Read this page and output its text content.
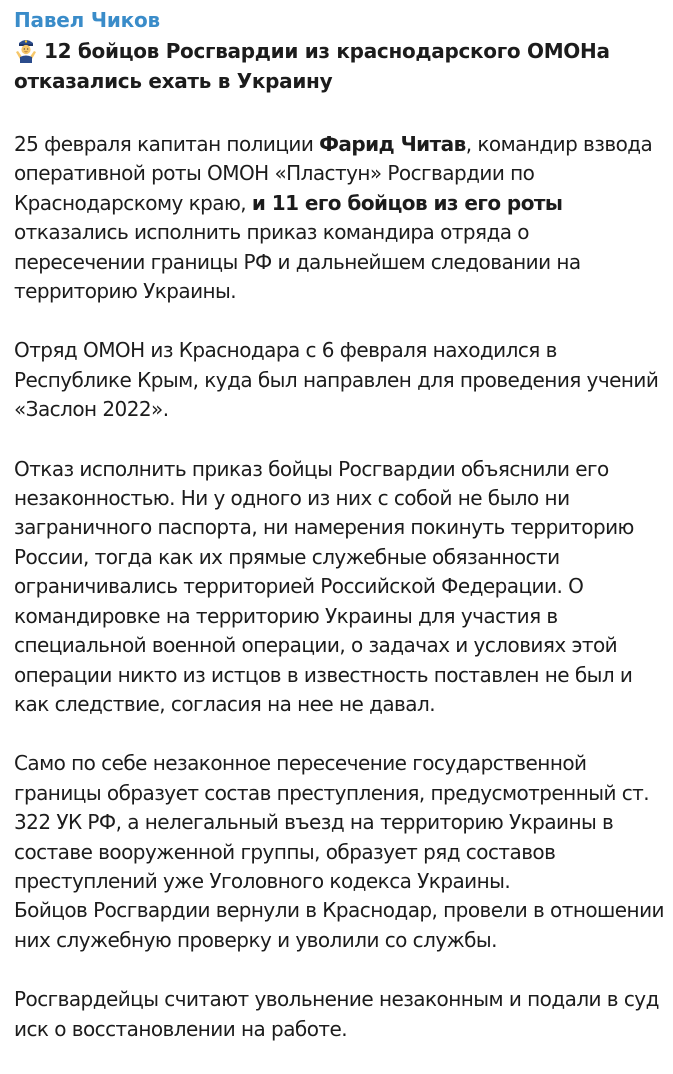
Павел Чиков
12 бойцов Росгвардии из краснодарского ОМОНа отказались ехать в Украину

25 февраля капитан полиции Фарид Читав, командир взвода оперативной роты ОМОН «Пластун» Росгвардии по Краснодарскому краю, и 11 его бойцов из его роты отказались исполнить приказ командира отряда о пересечении границы РФ и дальнейшем следовании на территорию Украины.

Отряд ОМОН из Краснодара с 6 февраля находился в Республике Крым, куда был направлен для проведения учений «Заслон 2022».

Отказ исполнить приказ бойцы Росгвардии объяснили его незаконностью. Ни у одного из них с собой не было ни заграничного паспорта, ни намерения покинуть территорию России, тогда как их прямые служебные обязанности ограничивались территорией Российской Федерации. О командировке на территорию Украины для участия в специальной военной операции, о задачах и условиях этой операции никто из истцов в известность поставлен не был и как следствие, согласия на нее не давал.

Само по себе незаконное пересечение государственной границы образует состав преступления, предусмотренный ст. 322 УК РФ, а нелегальный въезд на территорию Украины в составе вооруженной группы, образует ряд составов преступлений уже Уголовного кодекса Украины.
Бойцов Росгвардии вернули в Краснодар, провели в отношении них служебную проверку и уволили со службы.

Росгвардейцы считают увольнение незаконным и подали в суд иск о восстановлении на работе.
